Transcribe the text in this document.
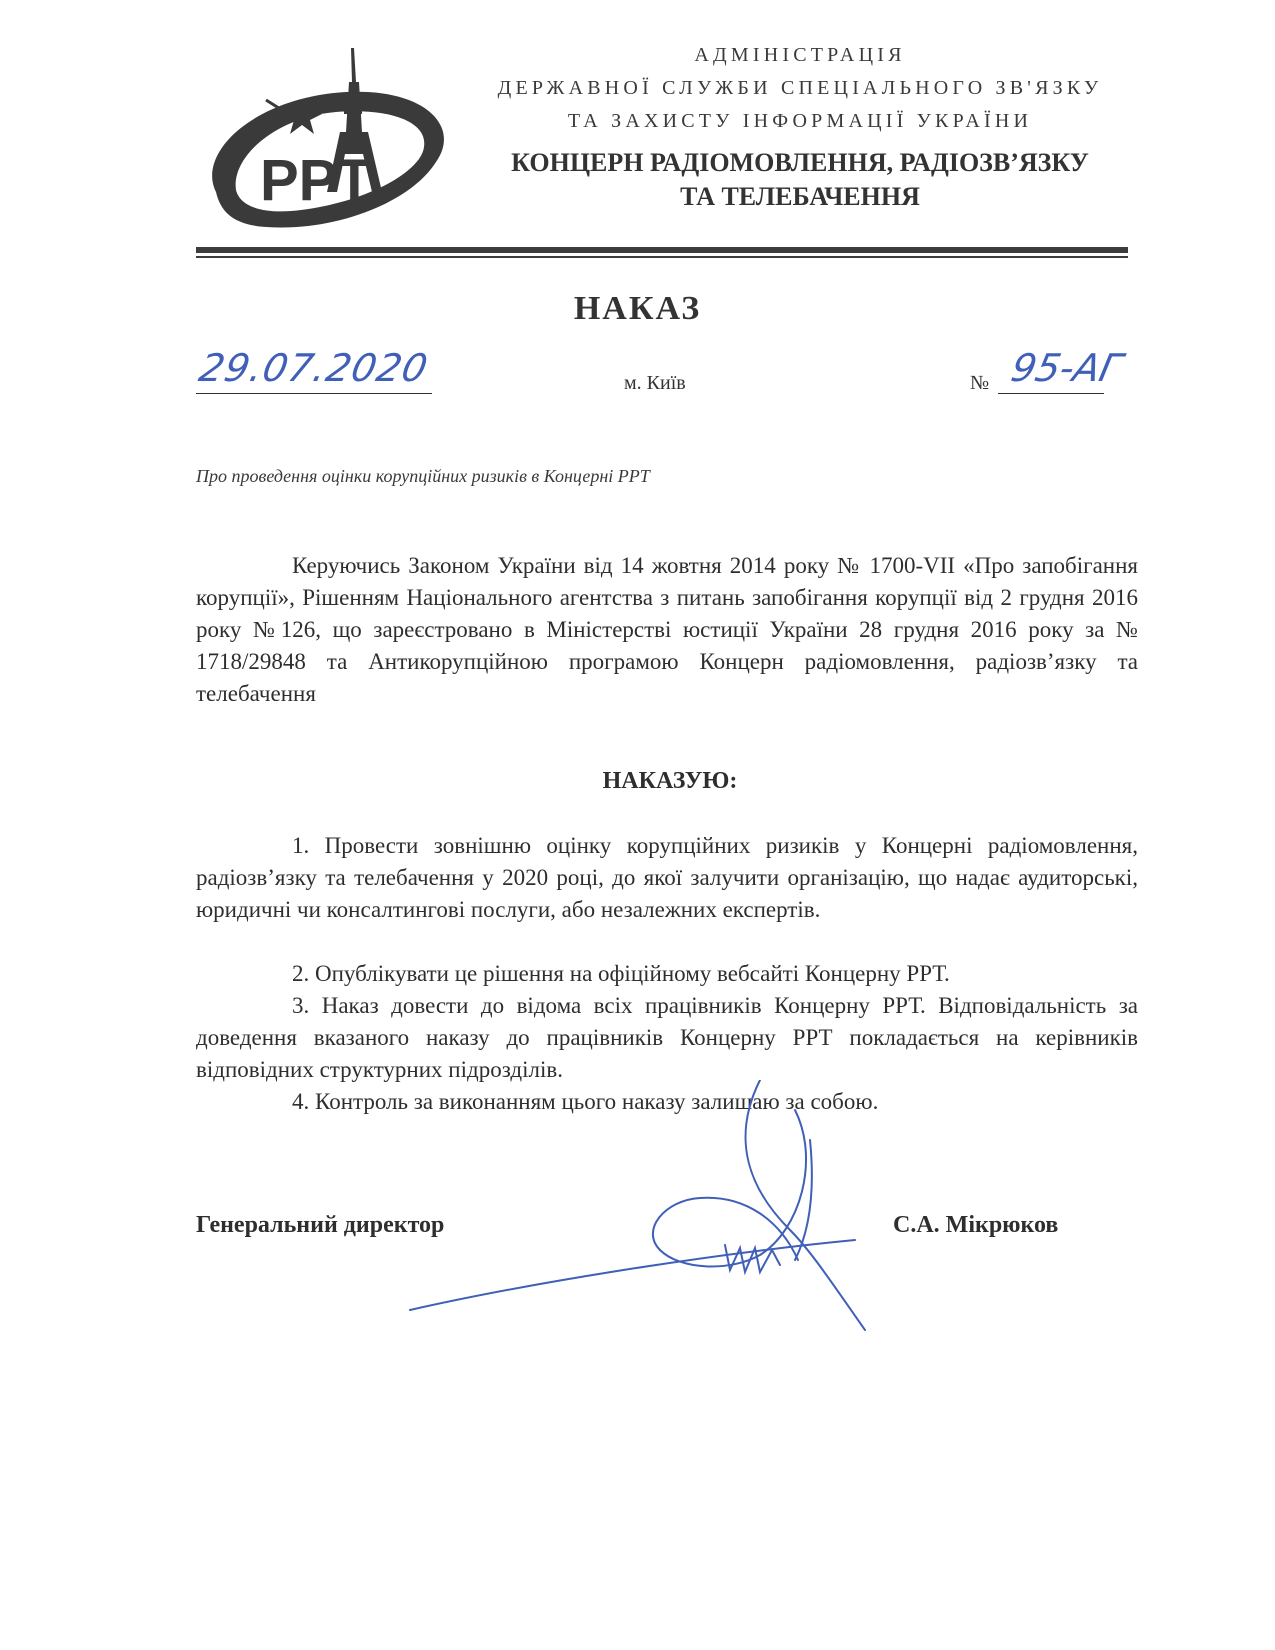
РРТ
АДМІНІСТРАЦІЯ
ДЕРЖАВНОЇ СЛУЖБИ СПЕЦІАЛЬНОГО ЗВ'ЯЗКУ
ТА ЗАХИСТУ ІНФОРМАЦІЇ УКРАЇНИ
КОНЦЕРН РАДІОМОВЛЕННЯ, РАДІОЗВ’ЯЗКУ
ТА ТЕЛЕБАЧЕННЯ
НАКАЗ
29.07.2020	м. Київ	№ 95-АГ
Про проведення оцінки корупційних ризиків в Концерні РРТ
Керуючись Законом України від 14 жовтня 2014 року № 1700-VII «Про запобігання корупції», Рішенням Національного агентства з питань запобігання корупції від 2 грудня 2016 року №126, що зареєстровано в Міністерстві юстиції України 28 грудня 2016 року за № 1718/29848 та Антикорупційною програмою Концерн радіомовлення, радіозв’язку та телебачення
НАКАЗУЮ:
1. Провести зовнішню оцінку корупційних ризиків у Концерні радіомовлення, радіозв’язку та телебачення у 2020 році, до якої залучити організацію, що надає аудиторські, юридичні чи консалтингові послуги, або незалежних експертів.
2. Опублікувати це рішення на офіційному вебсайті Концерну РРТ.
3. Наказ довести до відома всіх працівників Концерну РРТ. Відповідальність за доведення вказаного наказу до працівників Концерну РРТ покладається на керівників відповідних структурних підрозділів.
4. Контроль за виконанням цього наказу залишаю за собою.
Генеральний директор	С.А. Мікрюков
